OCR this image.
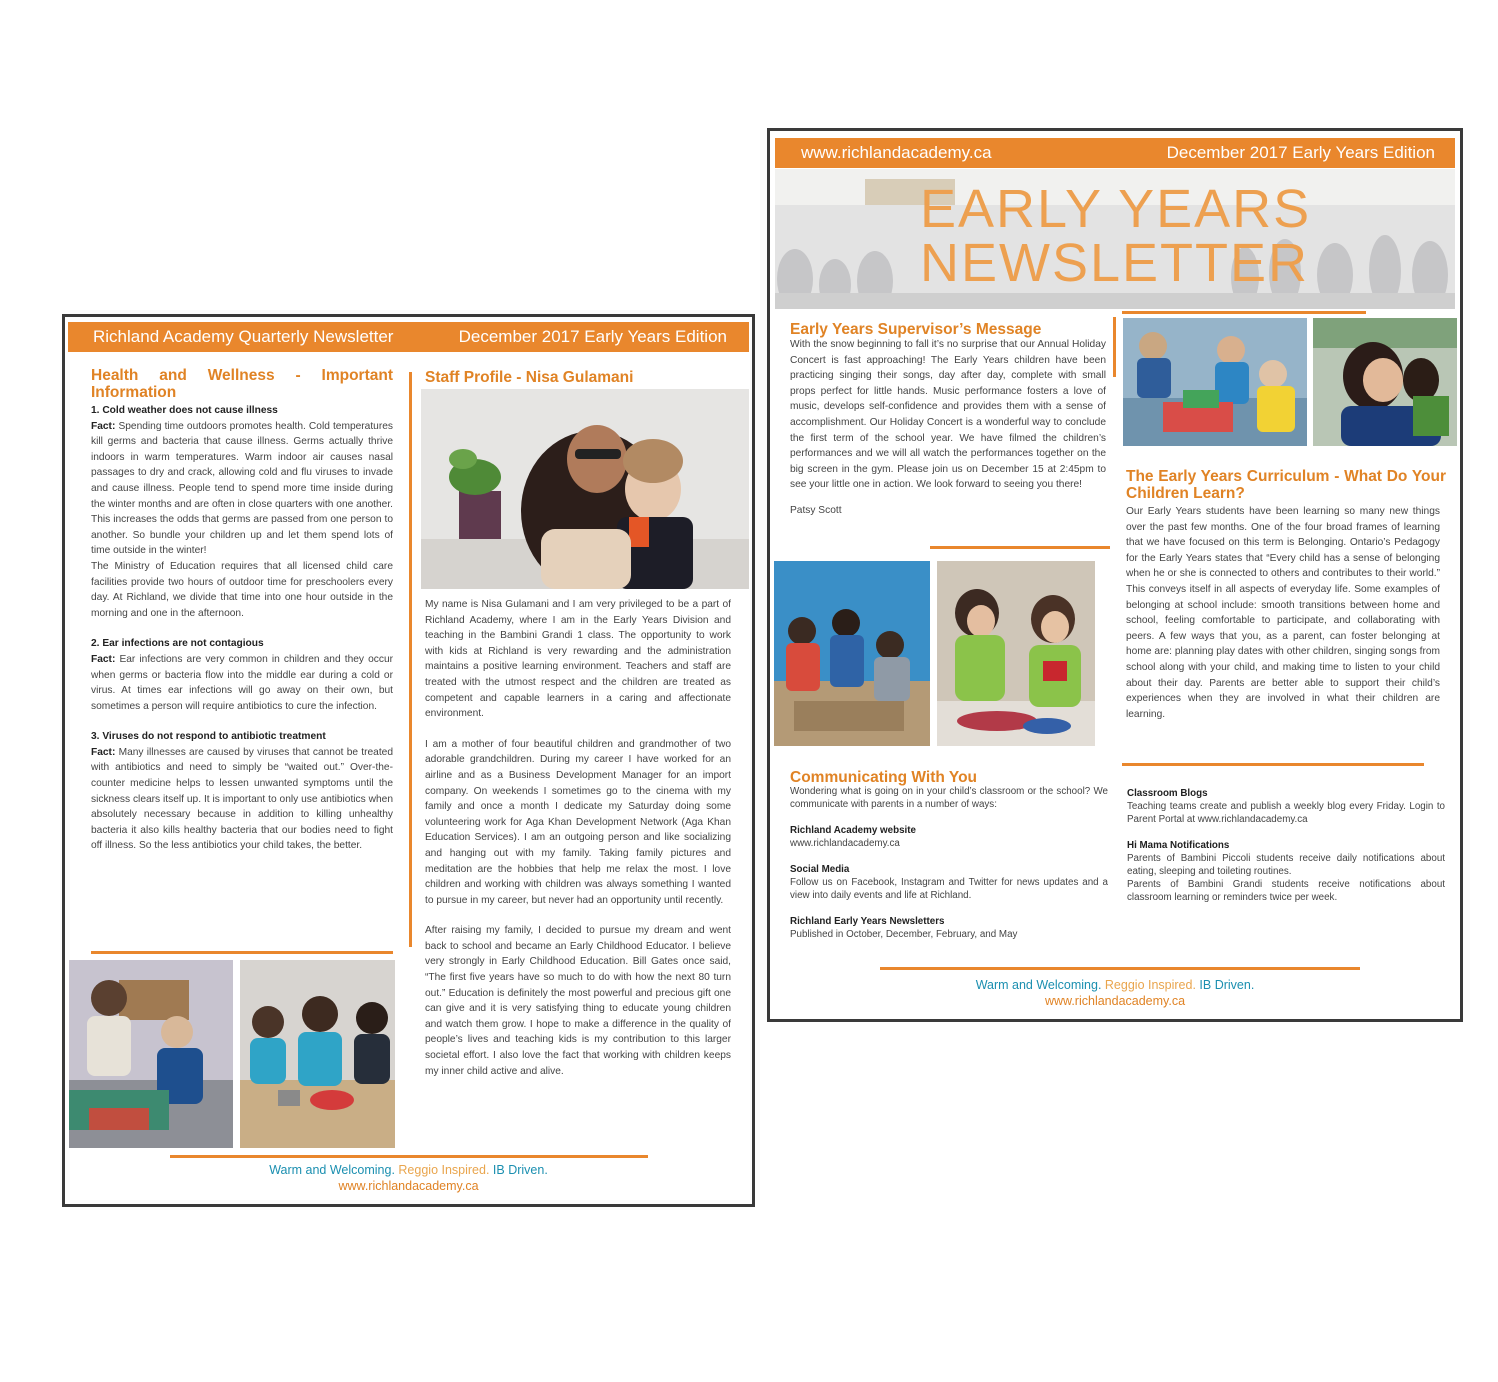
Richland Academy Quarterly Newsletter	December 2017 Early Years Edition
Health and Wellness - Important Information

1. Cold weather does not cause illness

Fact: Spending time outdoors promotes health. Cold temperatures kill germs and bacteria that cause illness. Germs actually thrive indoors in warm temperatures. Warm indoor air causes nasal passages to dry and crack, allowing cold and flu viruses to invade and cause illness. People tend to spend more time inside during the winter months and are often in close quarters with one another. This increases the odds that germs are passed from one person to another. So bundle your children up and let them spend lots of time outside in the winter!

The Ministry of Education requires that all licensed child care facilities provide two hours of outdoor time for preschoolers every day. At Richland, we divide that time into one hour outside in the morning and one in the afternoon.

2. Ear infections are not contagious

Fact: Ear infections are very common in children and they occur when germs or bacteria flow into the middle ear during a cold or virus. At times ear infections will go away on their own, but sometimes a person will require antibiotics to cure the infection.

3. Viruses do not respond to antibiotic treatment

Fact: Many illnesses are caused by viruses that cannot be treated with antibiotics and need to simply be “waited out.” Over-the-counter medicine helps to lessen unwanted symptoms until the sickness clears itself up. It is important to only use antibiotics when absolutely necessary because in addition to killing unhealthy bacteria it also kills healthy bacteria that our bodies need to fight off illness. So the less antibiotics your child takes, the better.

Staff Profile - Nisa Gulamani

My name is Nisa Gulamani and I am very privileged to be a part of Richland Academy, where I am in the Early Years Division and teaching in the Bambini Grandi 1 class. The opportunity to work with kids at Richland is very rewarding and the administration maintains a positive learning environment. Teachers and staff are treated with the utmost respect and the children are treated as competent and capable learners in a caring and affectionate environment.

I am a mother of four beautiful children and grandmother of two adorable grandchildren. During my career I have worked for an airline and as a Business Development Manager for an import company. On weekends I sometimes go to the cinema with my family and once a month I dedicate my Saturday doing some volunteering work for Aga Khan Development Network (Aga Khan Education Services). I am an outgoing person and like socializing and hanging out with my family. Taking family pictures and meditation are the hobbies that help me relax the most. I love children and working with children was always something I wanted to pursue in my career, but never had an opportunity until recently.

After raising my family, I decided to pursue my dream and went back to school and became an Early Childhood Educator. I believe very strongly in Early Childhood Education. Bill Gates once said, “The first five years have so much to do with how the next 80 turn out.” Education is definitely the most powerful and precious gift one can give and it is very satisfying thing to educate young children and watch them grow. I hope to make a difference in the quality of people’s lives and teaching kids is my contribution to this larger societal effort. I also love the fact that working with children keeps my inner child active and alive.

Warm and Welcoming. Reggio Inspired. IB Driven.
www.richlandacademy.ca
www.richlandacademy.ca	December 2017 Early Years Edition
EARLY YEARS
NEWSLETTER
Early Years Supervisor’s Message

With the snow beginning to fall it’s no surprise that our Annual Holiday Concert is fast approaching! The Early Years children have been practicing singing their songs, day after day, complete with small props perfect for little hands. Music performance fosters a love of music, develops self-confidence and provides them with a sense of accomplishment. Our Holiday Concert is a wonderful way to conclude the first term of the school year. We have filmed the children’s performances and we will all watch the performances together on the big screen in the gym. Please join us on December 15 at 2:45pm to see your little one in action. We look forward to seeing you there!

Patsy Scott

The Early Years Curriculum - What Do Your Children Learn?

Our Early Years students have been learning so many new things over the past few months. One of the four broad frames of learning that we have focused on this term is Belonging. Ontario’s Pedagogy for the Early Years states that “Every child has a sense of belonging when he or she is connected to others and contributes to their world.” This conveys itself in all aspects of everyday life. Some examples of belonging at school include: smooth transitions between home and school, feeling comfortable to participate, and collaborating with peers. A few ways that you, as a parent, can foster belonging at home are: planning play dates with other children, singing songs from school along with your child, and making time to listen to your child about their day. Parents are better able to support their child’s experiences when they are involved in what their children are learning.

Communicating With You

Wondering what is going on in your child’s classroom or the school? We communicate with parents in a number of ways:

Richland Academy website

www.richlandacademy.ca

Social Media

Follow us on Facebook, Instagram and Twitter for news updates and a view into daily events and life at Richland.

Richland Early Years Newsletters

Published in October, December, February, and May

Classroom Blogs

Teaching teams create and publish a weekly blog every Friday. Login to Parent Portal at www.richlandacademy.ca

Hi Mama Notifications

Parents of Bambini Piccoli students receive daily notifications about eating, sleeping and toileting routines.

Parents of Bambini Grandi students receive notifications about classroom learning or reminders twice per week.

Warm and Welcoming. Reggio Inspired. IB Driven.
www.richlandacademy.ca
